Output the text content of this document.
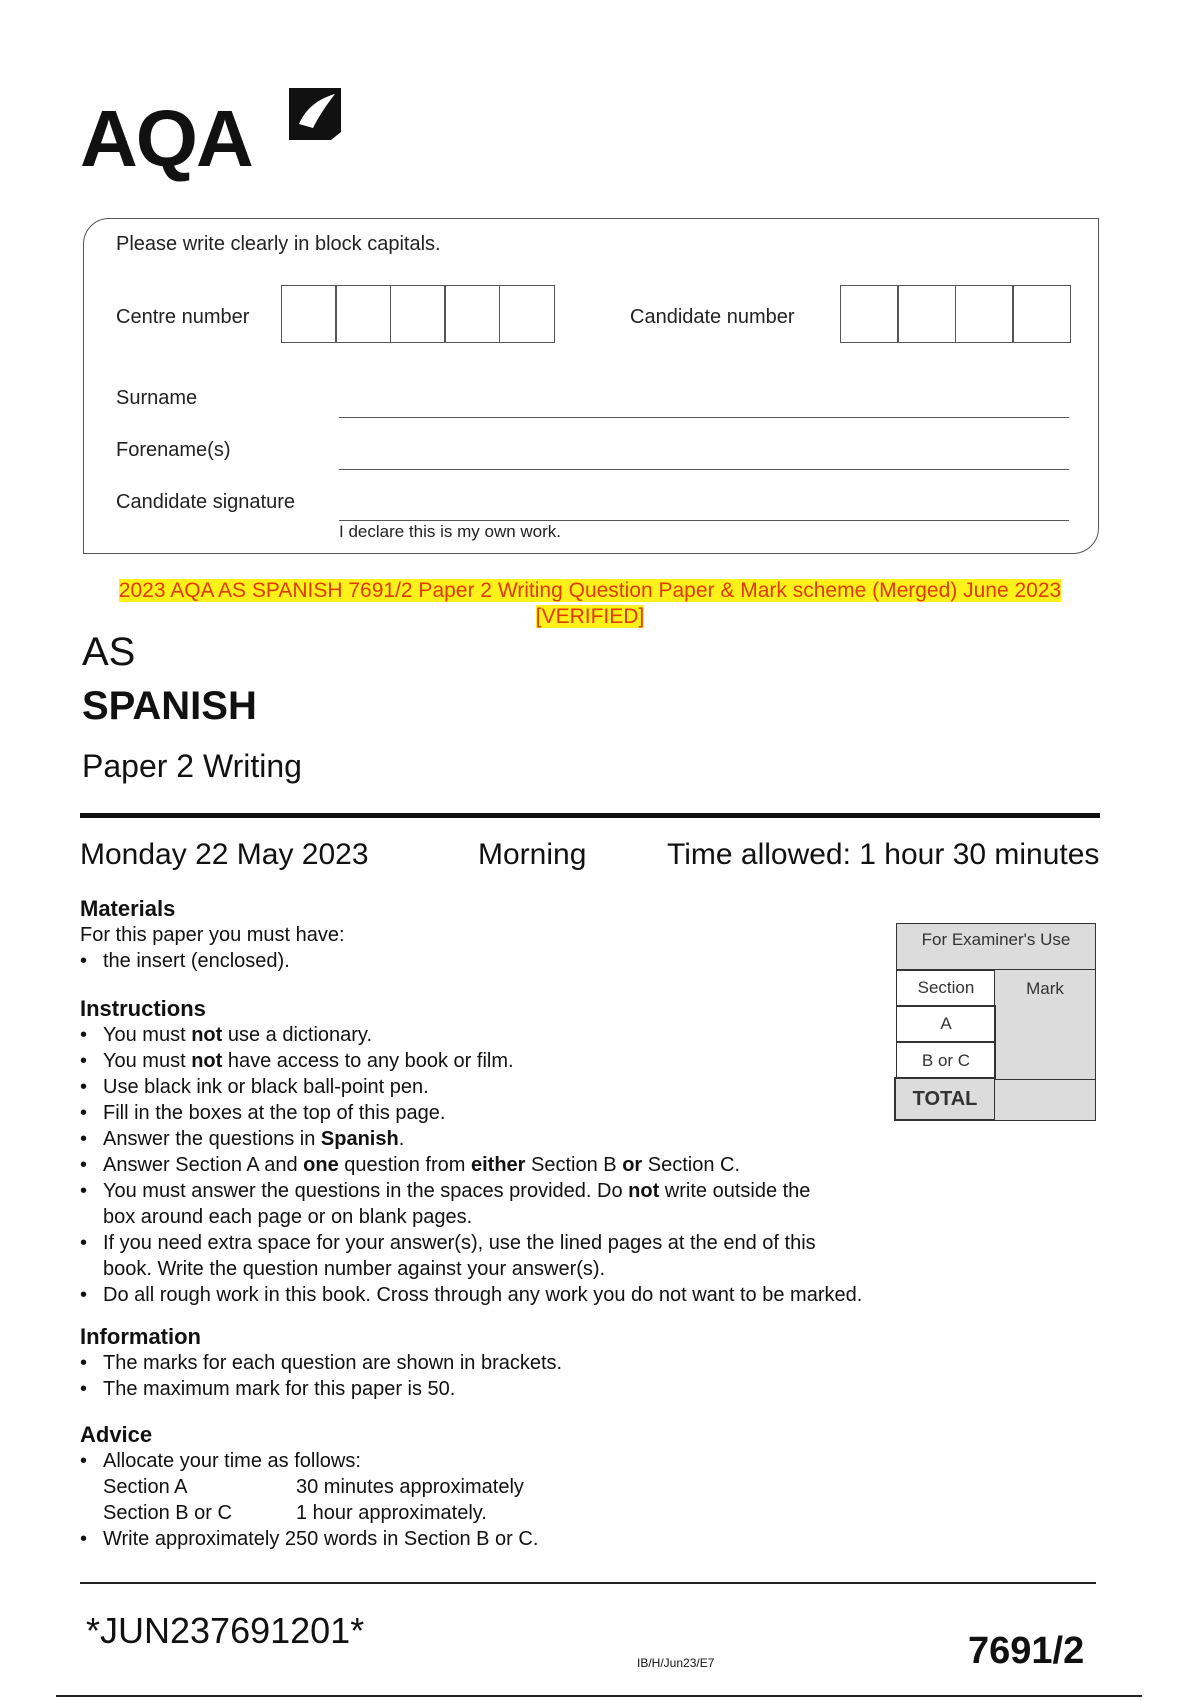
AQA
Please write clearly in block capitals.
Centre number	Candidate number
Surname
Forename(s)
Candidate signature
I declare this is my own work.
2023 AQA AS SPANISH 7691/2 Paper 2 Writing Question Paper & Mark scheme (Merged) June 2023
[VERIFIED]
AS
SPANISH
Paper 2 Writing
Monday 22 May 2023	Morning	Time allowed: 1 hour 30 minutes
Materials
For this paper you must have:
• the insert (enclosed).
Instructions
• You must not use a dictionary.
• You must not have access to any book or film.
• Use black ink or black ball-point pen.
• Fill in the boxes at the top of this page.
• Answer the questions in Spanish.
• Answer Section A and one question from either Section B or Section C.
• You must answer the questions in the spaces provided. Do not write outside the box around each page or on blank pages.
• If you need extra space for your answer(s), use the lined pages at the end of this book. Write the question number against your answer(s).
• Do all rough work in this book. Cross through any work you do not want to be marked.
Information
• The marks for each question are shown in brackets.
• The maximum mark for this paper is 50.
Advice
• Allocate your time as follows:
Section A	30 minutes approximately
Section B or C	1 hour approximately.
• Write approximately 250 words in Section B or C.
For Examiner's Use
Section	Mark
A
B or C
TOTAL
*JUN237691201*
IB/H/Jun23/E7	7691/2
